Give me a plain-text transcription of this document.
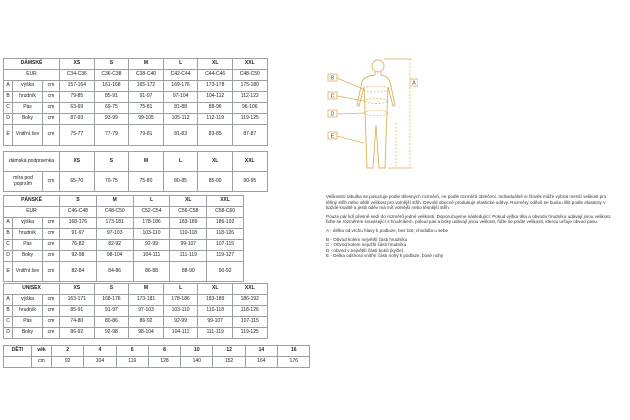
DÁMSKÉ			XS	S	M	L	XL	XXL
EUR			C34-C36	C36-C38	C38-C40	C42-C44	C44-C46	C48-C50
A	výška	cm	157-164	161-168	165-172	169-176	173-178	175-180
B	hrudník	cm	79-85	85-91	91-97	97-104	104-112	112-122
C	Pás	cm	63-69	69-75	75-81	81-88	88-96	96-106
D	Boky	cm	87-93	93-99	99-105	105-112	112-119	119-125
E	Vnitřní šev	cm	75-77	77-79	79-81	81-83	83-85	87-87
dámská podprsenka		XS	S	M	L	XL	XXL
míra pod poprsím	cm	65-70	70-75	75-80	80-85	85-90	90-95
PÁNSKÉ			S	M	L	XL	XXL
EUR			C46-C48	C48-C50	C52-C54	C56-C58	C58-C60
A	výška	cm	168-176	173-181	178-186	183-189	186-192
B	hrudník	cm	91-97	97-103	103-110	110-118	118-126
C	Pás	cm	76-82	82-92	92-99	99-107	107-115
D	Boky	cm	92-98	98-104	104-111	111-119	119-127
E	Vnitřní šev	cm	82-84	84-86	86-88	88-90	90-92
UNISEX			XS	S	M	L	XL	XXL
A	výška	cm	163-171	168-176	173-181	178-186	183-189	186-192
B	hrudník	cm	85-91	91-97	97-103	103-110	110-118	118-126
C	Pás	cm	74-80	80-86	86-92	92-99	99-107	107-115
D	Boky	cm	86-92	92-98	98-104	104-111	111-119	119-125
DĚTI	věk	2	4	6	8	10	12	14	16
	cm	92	104	116	128	140	152	164	176
A
B
C
D
E

Velikostní tabulka se posuzuje podle tělesných rozměrů, ne podle rozměrů oblečení. Individuálně si člověk může vybrat menší velikost pro těšný střih nebo větší velikost pro volnější střih. Devold obecně produkuje elastické oděvy. Rozměry oděvů se budou lišit podle elasticity v každé kvalitě a jestli oděv má mít volnější nebo těsnější střih.

Pouze pár lidí přesně sedí do rozměrů jedné velikosti. Doporučujeme následující: Pokud výška těla a obvodu hrudníku udávají jinou velikost, řiďte se rozměrem související s hrudníkem, pokud pas a boky udávají jinou velikost, řiďte se podle velikosti, kterou určuje obvod pasu.

A - délka od vrchu hlavy k podlaze, bez bot, chodidla u sebe
B - Obvod kolem největší části hrudníku
C - Obvod kolem nejužší části hrudníku
D - obvod v největší části boků (kyčle)
E - Délka odshora vnitřní části nohy k podlaze, bosé nohy
